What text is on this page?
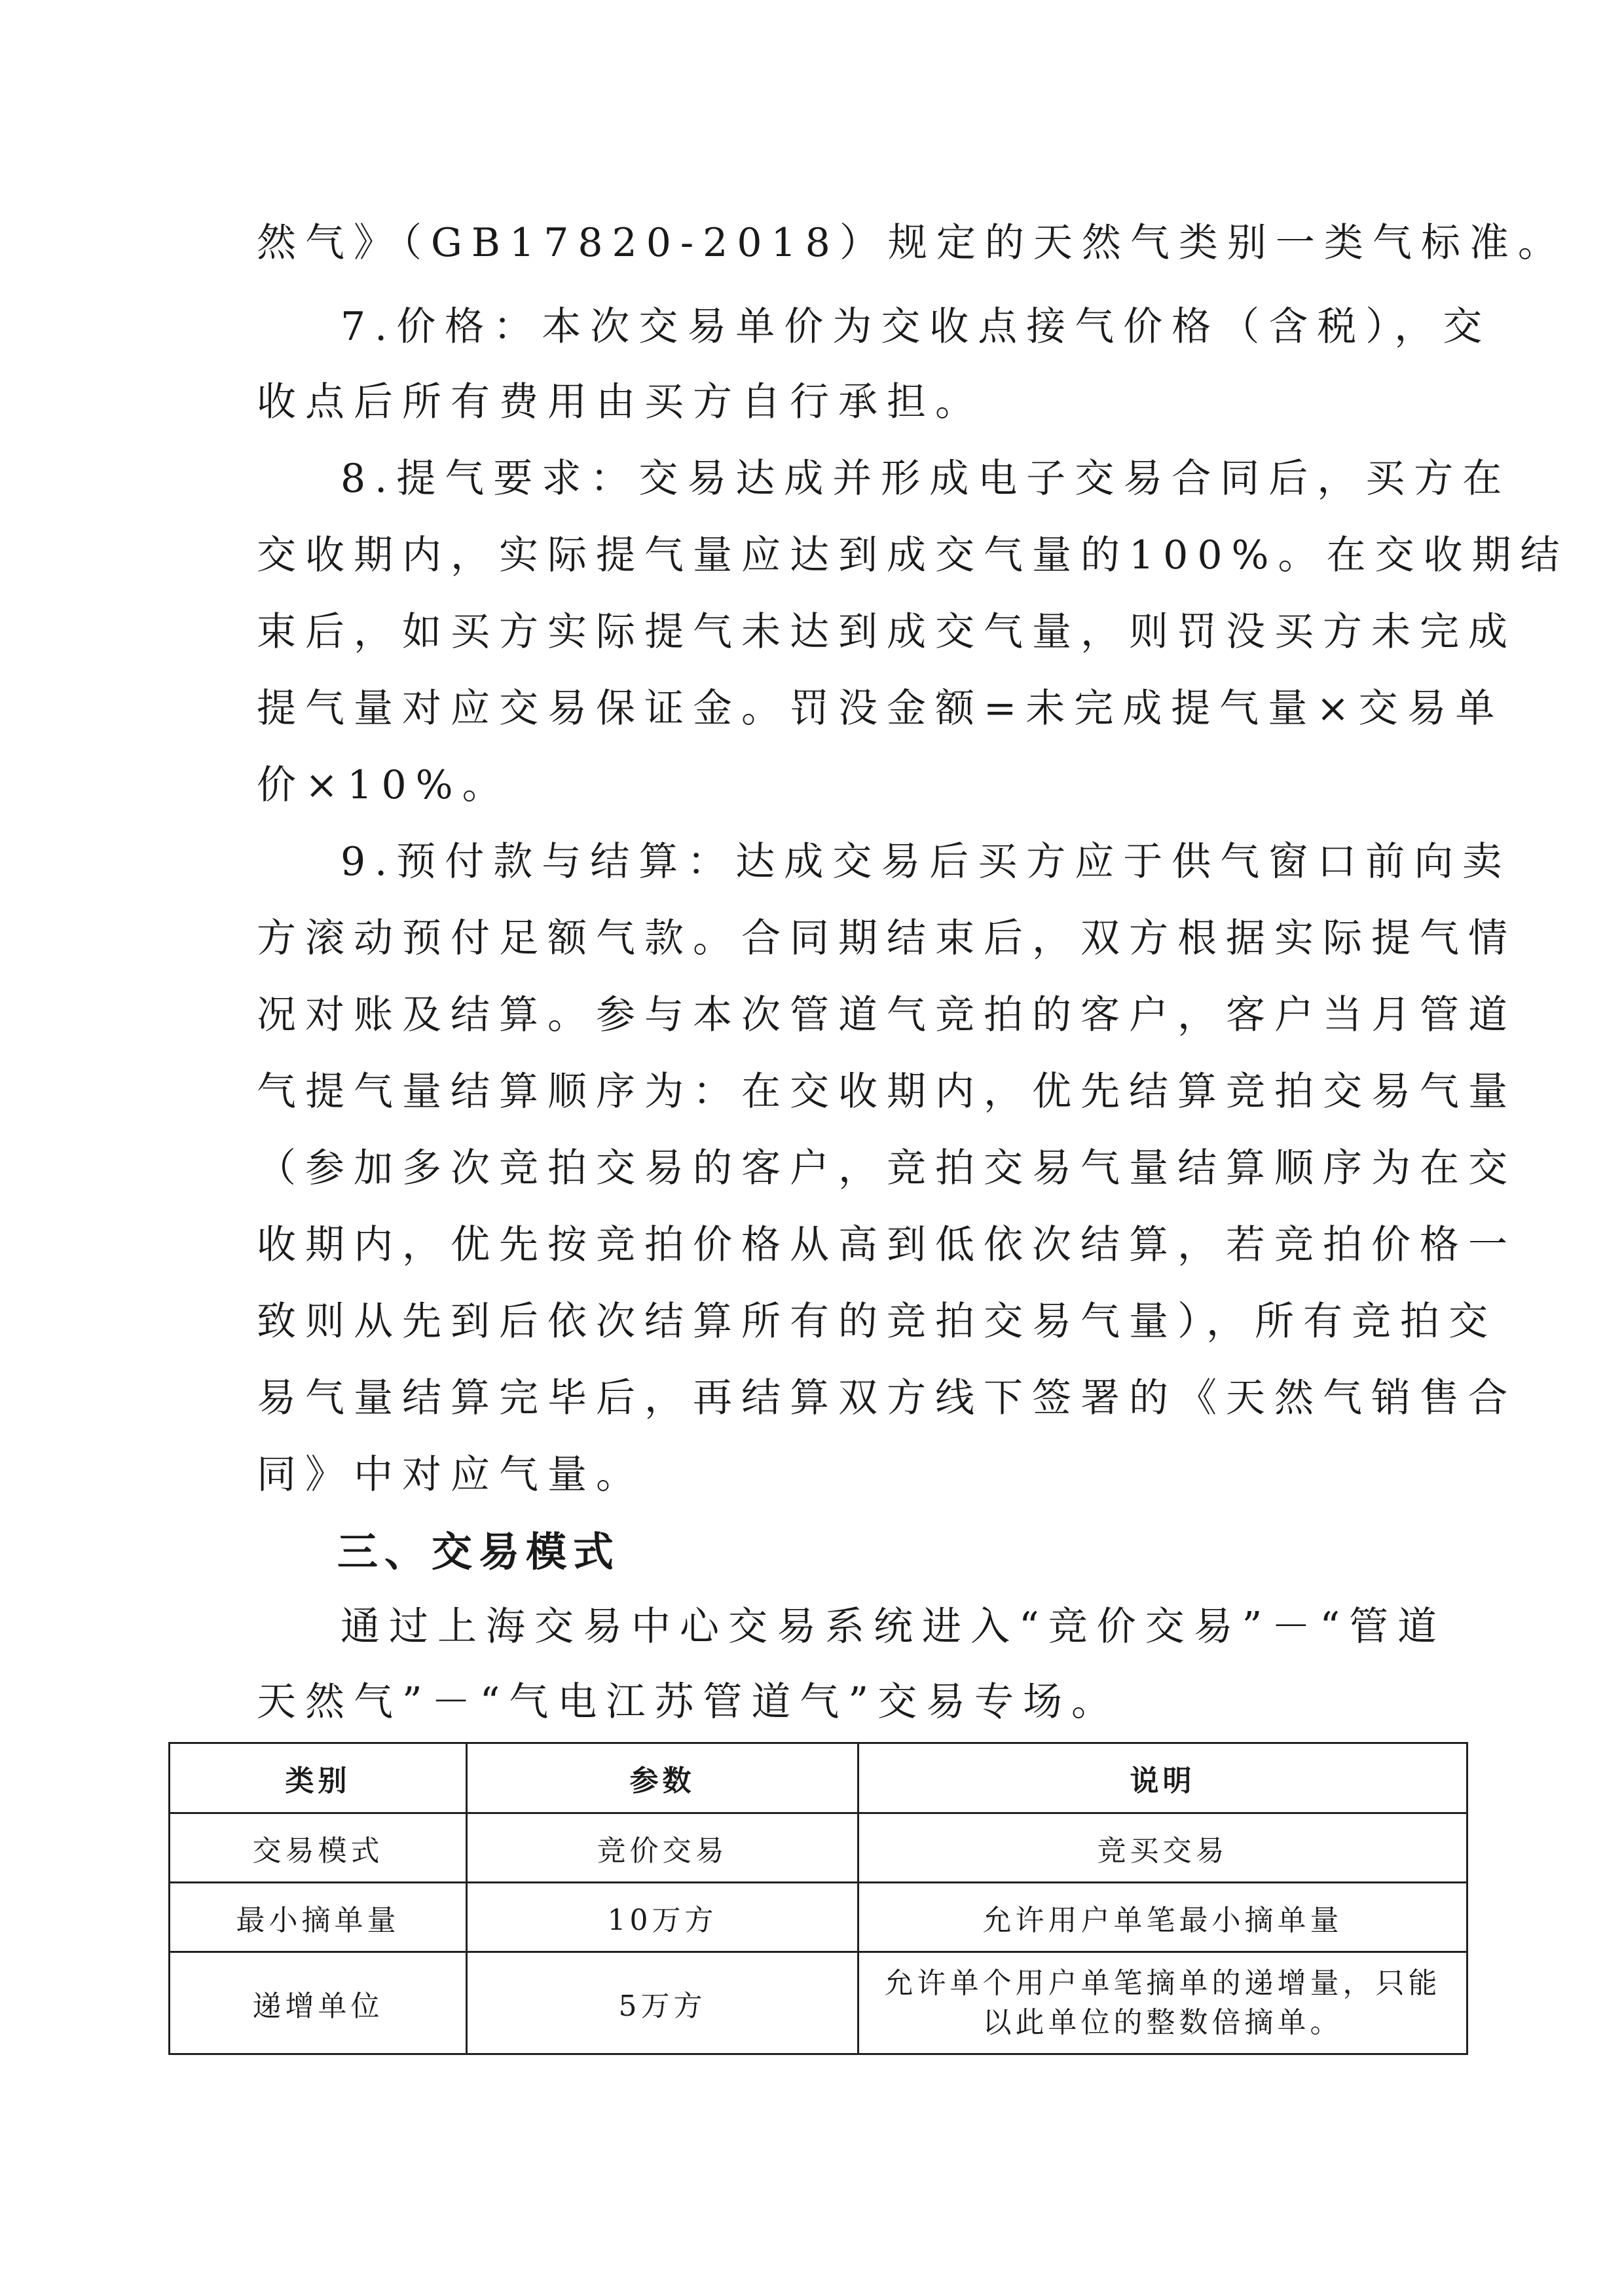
然气》（GB17820-2018）规定的天然气类别一类气标准。
7.价格：本次交易单价为交收点接气价格（含税），交
收点后所有费用由买方自行承担。
8.提气要求：交易达成并形成电子交易合同后，买方在
交收期内，实际提气量应达到成交气量的100%。在交收期结
束后，如买方实际提气未达到成交气量，则罚没买方未完成
提气量对应交易保证金。罚没金额=未完成提气量×交易单
价×10%。
9.预付款与结算：达成交易后买方应于供气窗口前向卖
方滚动预付足额气款。合同期结束后，双方根据实际提气情
况对账及结算。参与本次管道气竞拍的客户，客户当月管道
气提气量结算顺序为：在交收期内，优先结算竞拍交易气量
（参加多次竞拍交易的客户，竞拍交易气量结算顺序为在交
收期内，优先按竞拍价格从高到低依次结算，若竞拍价格一
致则从先到后依次结算所有的竞拍交易气量），所有竞拍交
易气量结算完毕后，再结算双方线下签署的《天然气销售合
同》中对应气量。
三、交易模式
通过上海交易中心交易系统进入“竞价交易”－“管道
天然气”－“气电江苏管道气”交易专场。
类别	参数	说明
交易模式	竞价交易	竞买交易
最小摘单量	10万方	允许用户单笔最小摘单量
递增单位	5万方	允许单个用户单笔摘单的递增量，只能以此单位的整数倍摘单。
